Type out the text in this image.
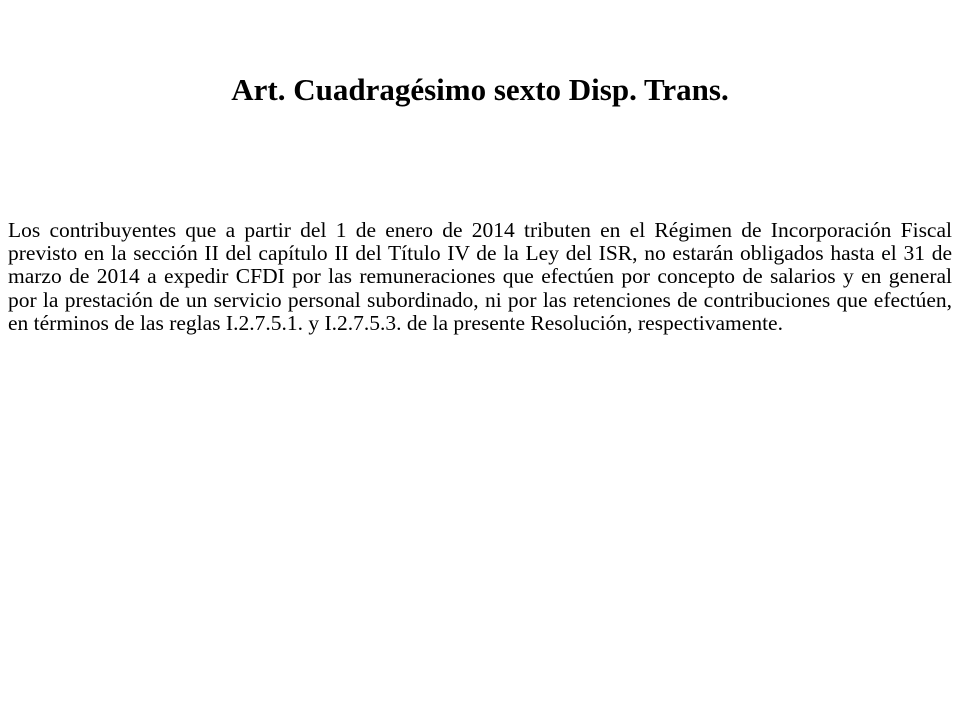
Art. Cuadragésimo sexto Disp. Trans.

Los contribuyentes que a partir del 1 de enero de 2014 tributen en el Régimen de Incorporación Fiscal previsto en la sección II del capítulo II del Título IV de la Ley del ISR, no estarán obligados hasta el 31 de marzo de 2014 a expedir CFDI por las remuneraciones que efectúen por concepto de salarios y en general por la prestación de un servicio personal subordinado, ni por las retenciones de contribuciones que efectúen, en términos de las reglas I.2.7.5.1. y I.2.7.5.3. de la presente Resolución, respectivamente.
